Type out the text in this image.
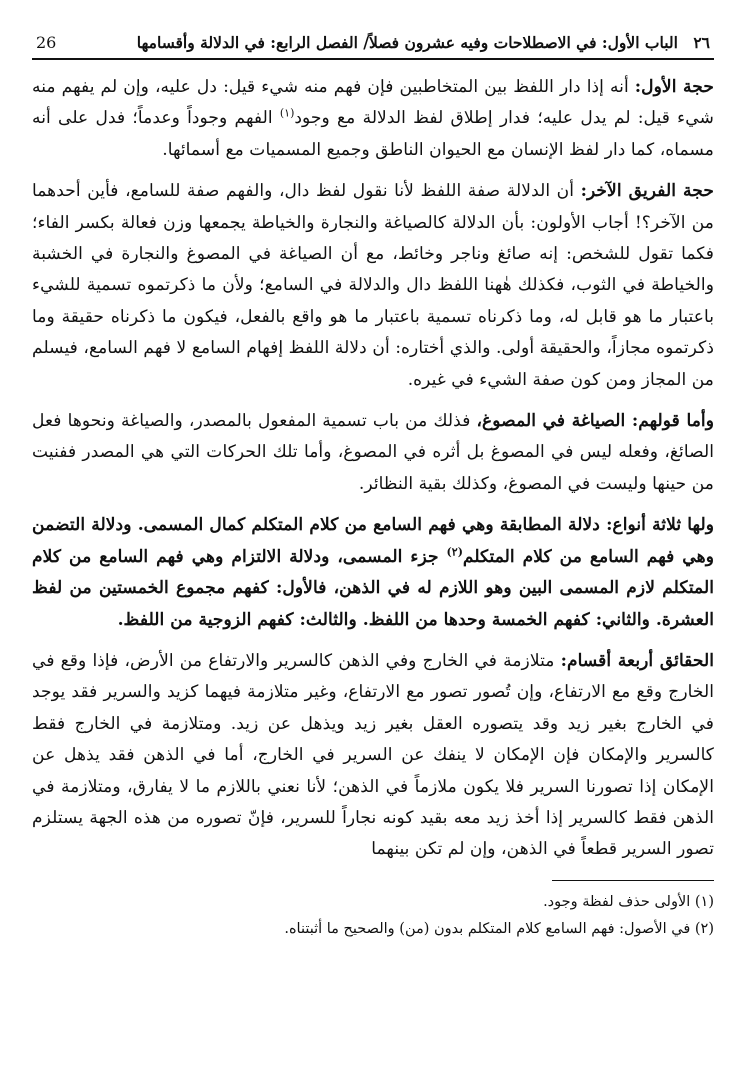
26	٢٦ الباب الأول: في الاصطلاحات وفيه عشرون فصلاً/ الفصل الرابع: في الدلالة وأقسامها

حجة الأول: أنه إذا دار اللفظ بين المتخاطبين فإن فهم منه شيء قيل: دل عليه، وإن لم يفهم منه شيء قيل: لم يدل عليه؛ فدار إطلاق لفظ الدلالة مع وجود$^{(١)}$ الفهم وجوداً وعدماً؛ فدل على أنه مسماه، كما دار لفظ الإنسان مع الحيوان الناطق وجميع المسميات مع أسمائها.

حجة الفريق الآخر: أن الدلالة صفة اللفظ لأنا نقول لفظ دال، والفهم صفة للسامع، فأين أحدهما من الآخر؟! أجاب الأولون: بأن الدلالة كالصياغة والنجارة والخياطة يجمعها وزن فعالة بكسر الفاء؛ فكما تقول للشخص: إنه صائغ وناجر وخائط، مع أن الصياغة في المصوغ والنجارة في الخشبة والخياطة في الثوب، فكذلك هٰهنا اللفظ دال والدلالة في السامع؛ ولأن ما ذكرتموه تسمية للشيء باعتبار ما هو قابل له، وما ذكرناه تسمية باعتبار ما هو واقع بالفعل، فيكون ما ذكرناه حقيقة وما ذكرتموه مجازاً، والحقيقة أولى. والذي أختاره: أن دلالة اللفظ إفهام السامع لا فهم السامع، فيسلم من المجاز ومن كون صفة الشيء في غيره.

وأما قولهم: الصياغة في المصوغ، فذلك من باب تسمية المفعول بالمصدر، والصياغة ونحوها فعل الصائغ، وفعله ليس في المصوغ بل أثره في المصوغ، وأما تلك الحركات التي هي المصدر ففنيت من حينها وليست في المصوغ، وكذلك بقية النظائر.

ولها ثلاثة أنواع: دلالة المطابقة وهي فهم السامع من كلام المتكلم كمال المسمى. ودلالة التضمن وهي فهم السامع من كلام المتكلم$^{(٢)}$ جزء المسمى، ودلالة الالتزام وهي فهم السامع من كلام المتكلم لازم المسمى البين وهو اللازم له في الذهن، فالأول: كفهم مجموع الخمستين من لفظ العشرة. والثاني: كفهم الخمسة وحدها من اللفظ. والثالث: كفهم الزوجية من اللفظ.

الحقائق أربعة أقسام: متلازمة في الخارج وفي الذهن كالسرير والارتفاع من الأرض، فإذا وقع في الخارج وقع مع الارتفاع، وإن تُصور تصور مع الارتفاع، وغير متلازمة فيهما كزيد والسرير فقد يوجد في الخارج بغير زيد وقد يتصوره العقل بغير زيد ويذهل عن زيد. ومتلازمة في الخارج فقط كالسرير والإمكان فإن الإمكان لا ينفك عن السرير في الخارج، أما في الذهن فقد يذهل عن الإمكان إذا تصورنا السرير فلا يكون ملازماً في الذهن؛ لأنا نعني باللازم ما لا يفارق، ومتلازمة في الذهن فقط كالسرير إذا أخذ زيد معه بقيد كونه نجاراً للسرير، فإنّ تصوره من هذه الجهة يستلزم تصور السرير قطعاً في الذهن، وإن لم تكن بينهما

(١) الأولى حذف لفظة وجود.

(٢) في الأصول: فهم السامع كلام المتكلم بدون (من) والصحيح ما أثبتناه.
